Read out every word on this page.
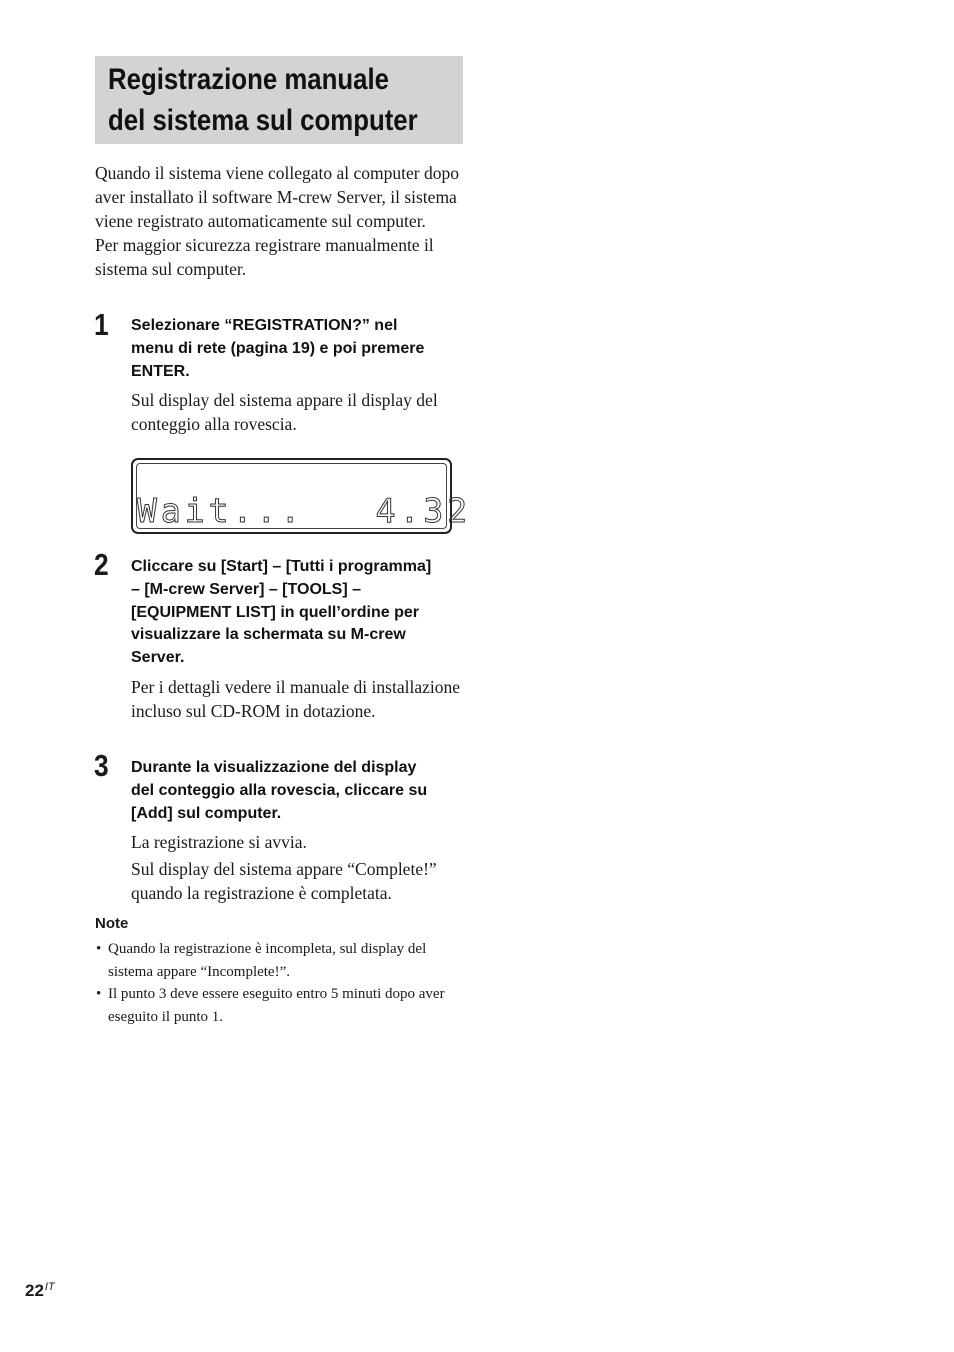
Registrazione manuale
del sistema sul computer

Quando il sistema viene collegato al computer dopo aver installato il software M-crew Server, il sistema viene registrato automaticamente sul computer.

Per maggior sicurezza registrare manualmente il sistema sul computer.

1 Selezionare “REGISTRATION?” nel
menu di rete (pagina 19) e poi premere
ENTER.

Sul display del sistema appare il display del conteggio alla rovescia.

Wait...   4.32
2 Cliccare su [Start] – [Tutti i programma]
– [M-crew Server] – [TOOLS] –
[EQUIPMENT LIST] in quell’ordine per
visualizzare la schermata su M-crew
Server.

Per i dettagli vedere il manuale di installazione incluso sul CD-ROM in dotazione.

3 Durante la visualizzazione del display
del conteggio alla rovescia, cliccare su
[Add] sul computer.

La registrazione si avvia.

Sul display del sistema appare “Complete!” quando la registrazione è completata.

Note
• Quando la registrazione è incompleta, sul display del sistema appare “Incomplete!”.
• Il punto 3 deve essere eseguito entro 5 minuti dopo aver eseguito il punto 1.
$22^{IT}$
